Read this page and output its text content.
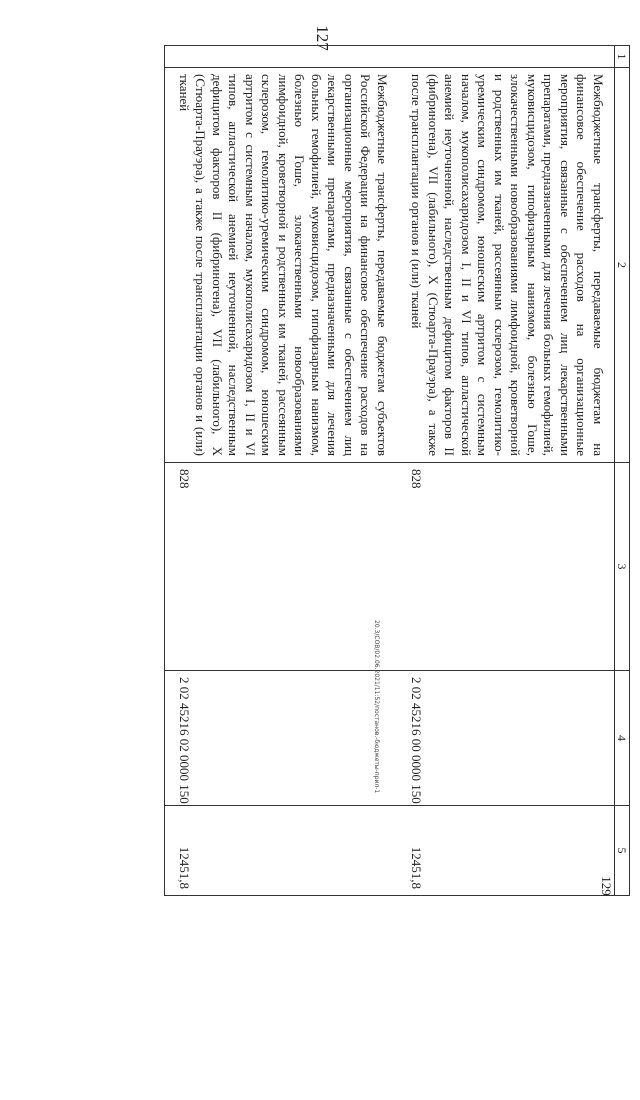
127
1	2	3	4	5
	Межбюджетные трансферты, передаваемые бюджетам на финансовое обеспечение расходов на организационные мероприятия, связанные с обеспечением лиц лекарственными препаратами, предназначенными для лечения больных гемофилией, муковисцидозом, гипофизарным нанизмом, болезнью Гоше, злокачественными новообразованиями лимфоидной, кроветворной и родственных им тканей, рассеянным склерозом, гемолитико-уремическим синдромом, юношеским артритом с системным началом, мукополисахаридозом I, II и VI типов, апластической анемией неуточненной, наследственным дефицитом факторов II (фибриногена), VII (лабильного), X (Стюарта-Прауэра), а также после трансплантации органов и (или) тканей	828	2 02 45216 00 0000 150	12451,8
	Межбюджетные трансферты, передаваемые бюджетам субъектов Российской Федерации на финансовое обеспечение расходов на организационные мероприятия, связанные с обеспечением лиц лекарственными препаратами, предназначенными для лечения больных гемофилией, муковисцидозом, гипофизарным нанизмом, болезнью Гоше, злокачественными новообразованиями лимфоидной, кроветворной и родственных им тканей, рассеянным склерозом, гемолитико-уремическим синдромом, юношеским артритом с системным началом, мукополисахаридозом I, II и VI типов, апластической анемией неуточненной, наследственным дефицитом факторов II (фибриногена), VII (лабильного), X (Стюарта-Прауэра), а также после трансплантации органов и (или) тканей	828	2 02 45216 02 0000 150	12451,8
20.3/СОВ/02.06.2021/11:52/постанов.-бюджеты-прил-1
129
